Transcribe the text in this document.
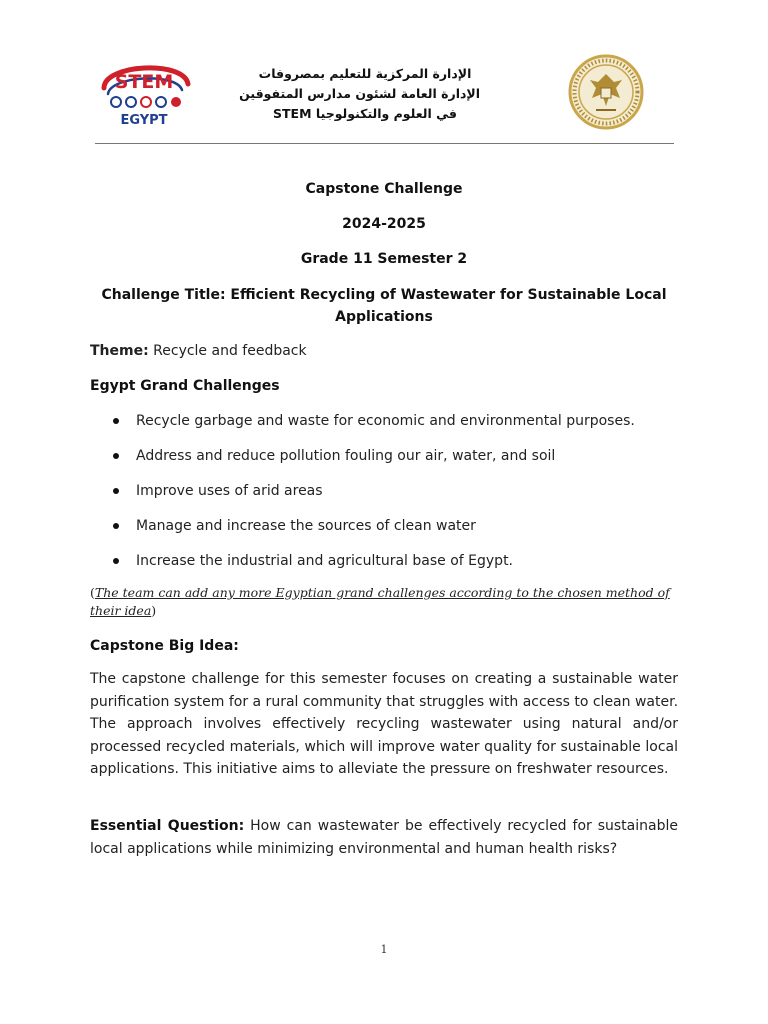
STEM
EGYPT
الإدارة المركزية للتعليم بمصروفات
الإدارة العامة لشئون مدارس المتفوقين
في العلوم والتكنولوجيا STEM
Capstone Challenge
2024-2025
Grade 11 Semester 2
Challenge Title: Efficient Recycling of Wastewater for Sustainable Local Applications
Theme: Recycle and feedback
Egypt Grand Challenges
Recycle garbage and waste for economic and environmental purposes.
Address and reduce pollution fouling our air, water, and soil
Improve uses of arid areas
Manage and increase the sources of clean water
Increase the industrial and agricultural base of Egypt.
(The team can add any more Egyptian grand challenges according to the chosen method of their idea)
Capstone Big Idea:
The capstone challenge for this semester focuses on creating a sustainable water purification system for a rural community that struggles with access to clean water. The approach involves effectively recycling wastewater using natural and/or processed recycled materials, which will improve water quality for sustainable local applications. This initiative aims to alleviate the pressure on freshwater resources.
Essential Question: How can wastewater be effectively recycled for sustainable local applications while minimizing environmental and human health risks?
1
